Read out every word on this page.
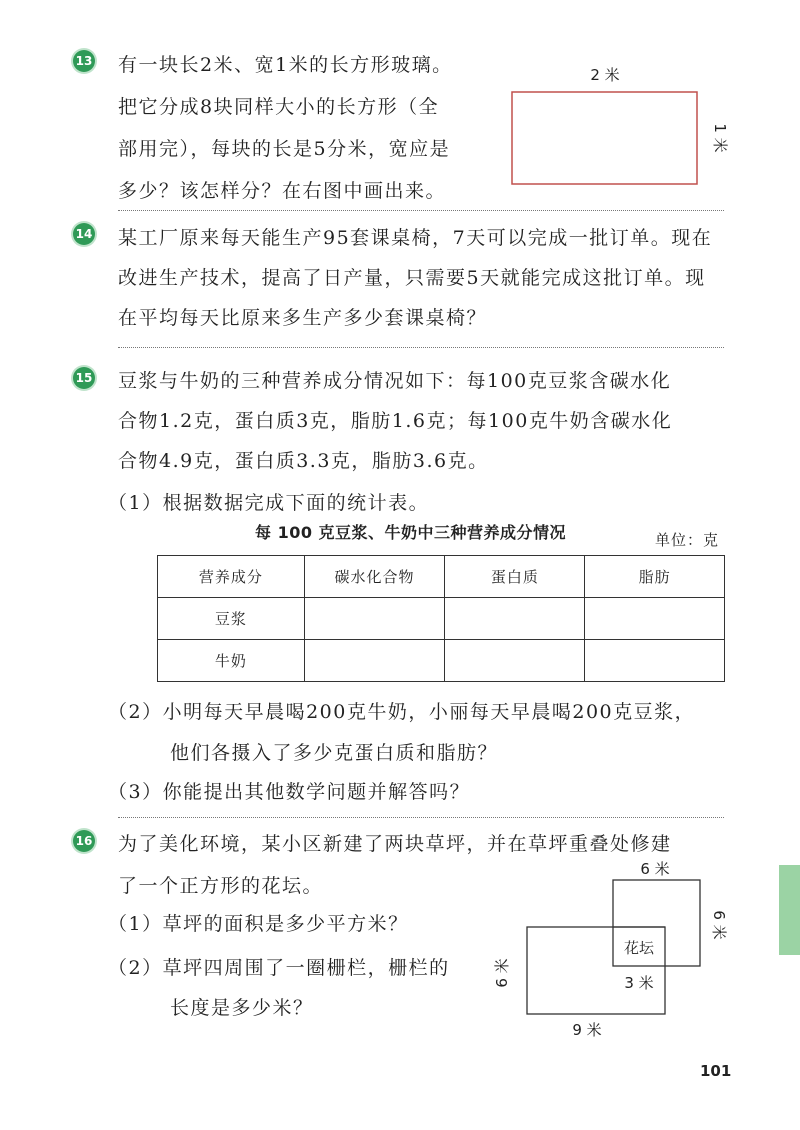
13 有一块长2米、宽1米的长方形玻璃。
把它分成8块同样大小的长方形（全
部用完），每块的长是5分米，宽应是
多少？该怎样分？在右图中画出来。
2 米
1 米
14 某工厂原来每天能生产95套课桌椅，7天可以完成一批订单。现在
改进生产技术，提高了日产量，只需要5天就能完成这批订单。现
在平均每天比原来多生产多少套课桌椅？
15 豆浆与牛奶的三种营养成分情况如下：每100克豆浆含碳水化
合物1.2克，蛋白质3克，脂肪1.6克；每100克牛奶含碳水化
合物4.9克，蛋白质3.3克，脂肪3.6克。
（1）根据数据完成下面的统计表。
每 100 克豆浆、牛奶中三种营养成分情况	单位：克
营养成分	碳水化合物	蛋白质	脂肪
豆浆			
牛奶			
（2）小明每天早晨喝200克牛奶，小丽每天早晨喝200克豆浆，
他们各摄入了多少克蛋白质和脂肪？
（3）你能提出其他数学问题并解答吗？
16 为了美化环境，某小区新建了两块草坪，并在草坪重叠处修建
了一个正方形的花坛。
（1）草坪的面积是多少平方米？
（2）草坪四周围了一圈栅栏，栅栏的
长度是多少米？
6 米
6 米
6 米
9 米
花坛
3 米
101
